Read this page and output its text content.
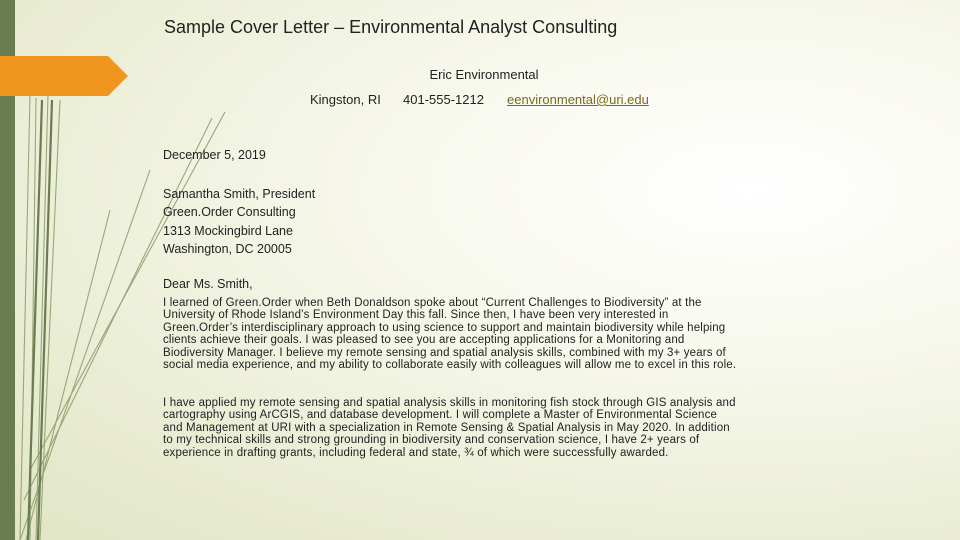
Sample Cover Letter – Environmental Analyst Consulting
Eric Environmental
Kingston, RI 401-555-1212 eenvironmental@uri.edu
December 5, 2019
Samantha Smith, President
Green.Order Consulting
1313 Mockingbird Lane
Washington, DC 20005
Dear Ms. Smith,
I learned of Green.Order when Beth Donaldson spoke about “Current Challenges to Biodiversity” at the
University of Rhode Island’s Environment Day this fall. Since then, I have been very interested in
Green.Order’s interdisciplinary approach to using science to support and maintain biodiversity while helping
clients achieve their goals. I was pleased to see you are accepting applications for a Monitoring and
Biodiversity Manager. I believe my remote sensing and spatial analysis skills, combined with my 3+ years of
social media experience, and my ability to collaborate easily with colleagues will allow me to excel in this role.
I have applied my remote sensing and spatial analysis skills in monitoring fish stock through GIS analysis and
cartography using ArCGIS, and database development. I will complete a Master of Environmental Science
and Management at URI with a specialization in Remote Sensing & Spatial Analysis in May 2020. In addition
to my technical skills and strong grounding in biodiversity and conservation science, I have 2+ years of
experience in drafting grants, including federal and state, ¾ of which were successfully awarded.
